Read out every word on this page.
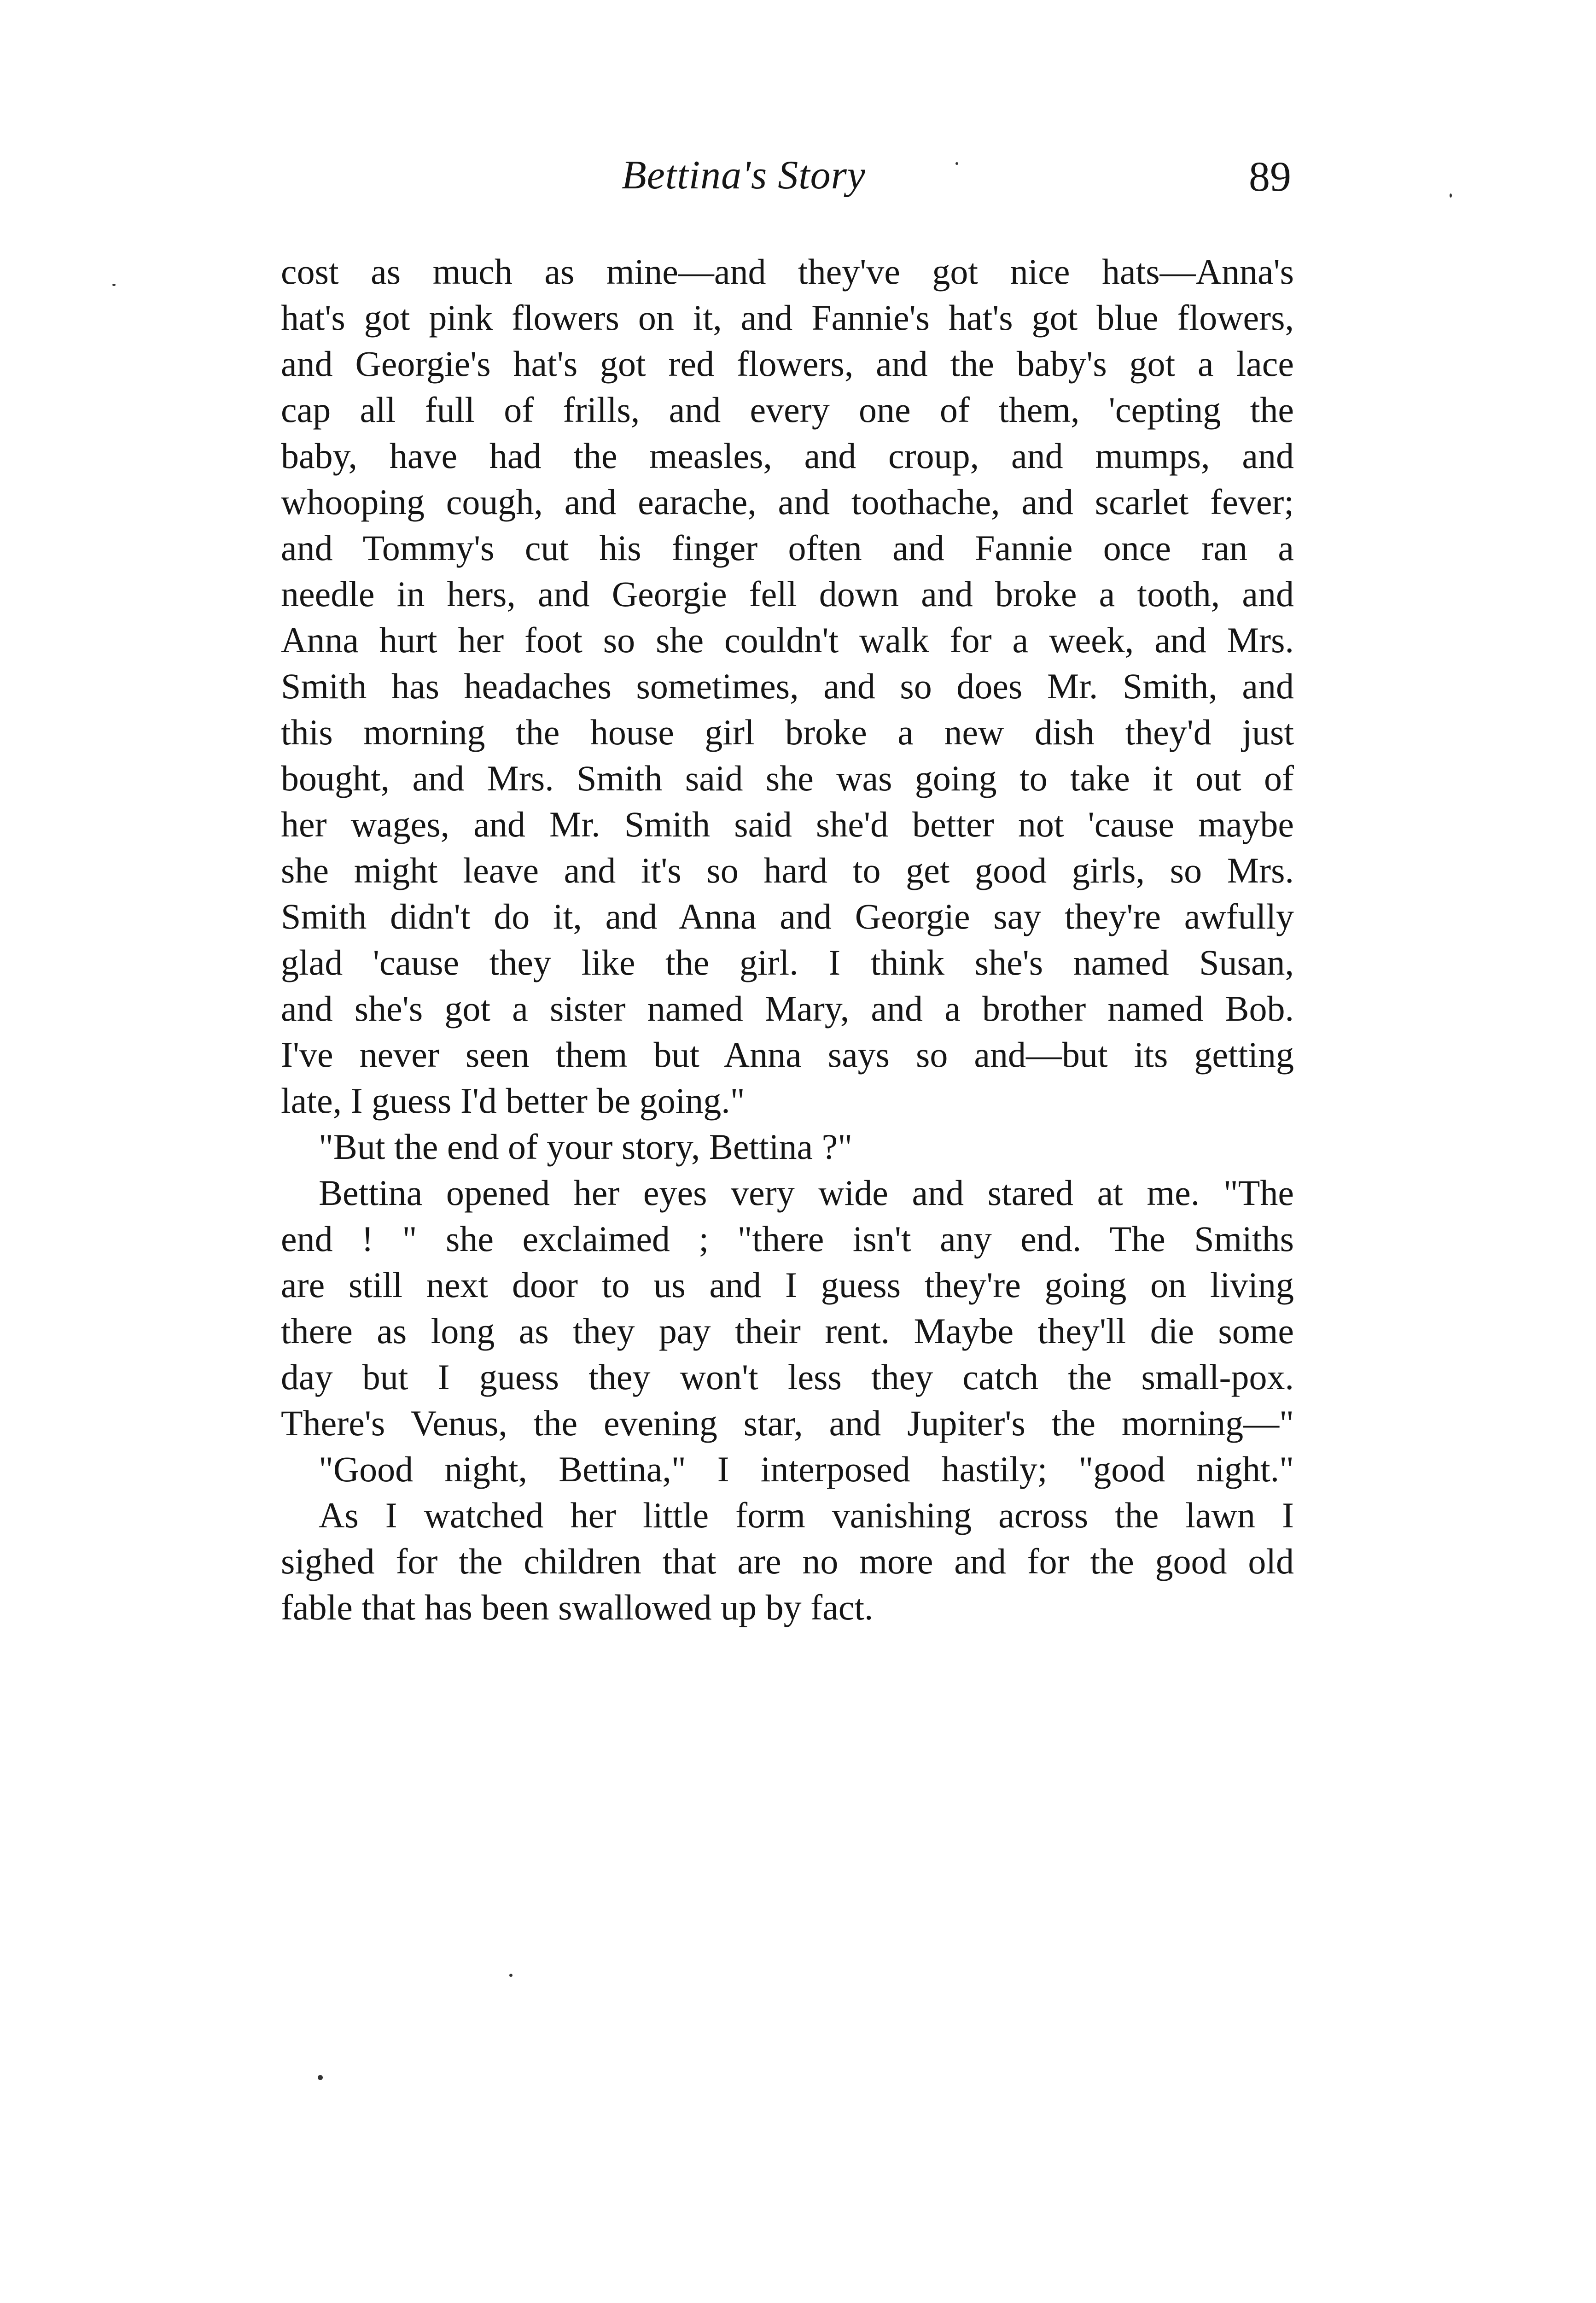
Bettina's Story	89
cost as much as mine—and they've got nice hats—Anna's
hat's got pink flowers on it, and Fannie's hat's got blue flowers,
and Georgie's hat's got red flowers, and the baby's got a lace
cap all full of frills, and every one of them, 'cepting the
baby, have had the measles, and croup, and mumps, and
whooping cough, and earache, and toothache, and scarlet fever;
and Tommy's cut his finger often and Fannie once ran a
needle in hers, and Georgie fell down and broke a tooth, and
Anna hurt her foot so she couldn't walk for a week, and Mrs.
Smith has headaches sometimes, and so does Mr. Smith, and
this morning the house girl broke a new dish they'd just
bought, and Mrs. Smith said she was going to take it out of
her wages, and Mr. Smith said she'd better not 'cause maybe
she might leave and it's so hard to get good girls, so Mrs.
Smith didn't do it, and Anna and Georgie say they're awfully
glad 'cause they like the girl. I think she's named Susan,
and she's got a sister named Mary, and a brother named Bob.
I've never seen them but Anna says so and—but its getting
late, I guess I'd better be going."
"But the end of your story, Bettina ?"
Bettina opened her eyes very wide and stared at me. "The
end ! " she exclaimed ; "there isn't any end. The Smiths
are still next door to us and I guess they're going on living
there as long as they pay their rent. Maybe they'll die some
day but I guess they won't less they catch the small-pox.
There's Venus, the evening star, and Jupiter's the morning—"
"Good night, Bettina," I interposed hastily; "good night."
As I watched her little form vanishing across the lawn I
sighed for the children that are no more and for the good old
fable that has been swallowed up by fact.
